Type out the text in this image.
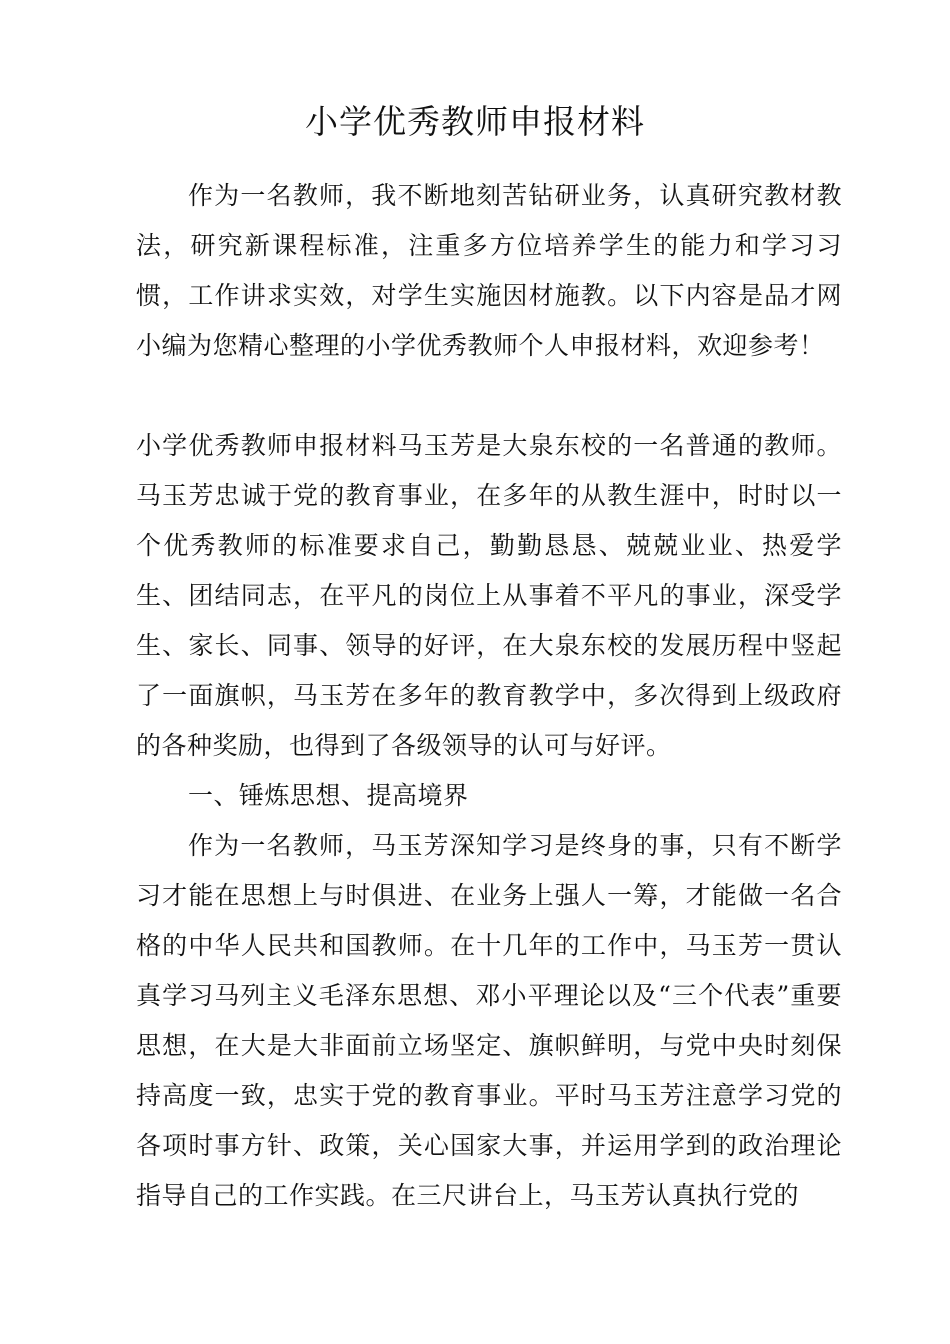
小学优秀教师申报材料

作为一名教师，我不断地刻苦钻研业务，认真研究教材教法，研究新课程标准，注重多方位培养学生的能力和学习习惯，工作讲求实效，对学生实施因材施教。以下内容是品才网小编为您精心整理的小学优秀教师个人申报材料，欢迎参考！

小学优秀教师申报材料马玉芳是大泉东校的一名普通的教师。马玉芳忠诚于党的教育事业，在多年的从教生涯中，时时以一个优秀教师的标准要求自己，勤勤恳恳、兢兢业业、热爱学生、团结同志，在平凡的岗位上从事着不平凡的事业，深受学生、家长、同事、领导的好评，在大泉东校的发展历程中竖起了一面旗帜，马玉芳在多年的教育教学中，多次得到上级政府的各种奖励，也得到了各级领导的认可与好评。

一、锤炼思想、提高境界

作为一名教师，马玉芳深知学习是终身的事，只有不断学习才能在思想上与时俱进、在业务上强人一筹，才能做一名合格的中华人民共和国教师。在十几年的工作中，马玉芳一贯认真学习马列主义毛泽东思想、邓小平理论以及“三个代表”重要思想，在大是大非面前立场坚定、旗帜鲜明，与党中央时刻保持高度一致，忠实于党的教育事业。平时马玉芳注意学习党的各项时事方针、政策，关心国家大事，并运用学到的政治理论指导自己的工作实践。在三尺讲台上，马玉芳认真执行党的
